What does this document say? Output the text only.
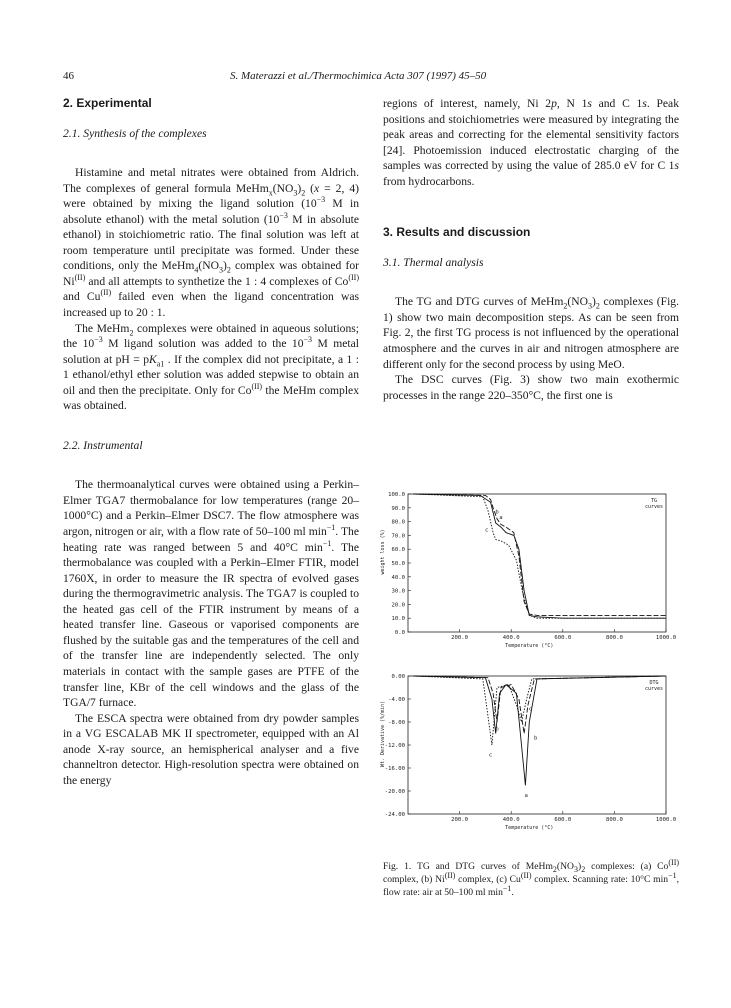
46	S. Materazzi et al./Thermochimica Acta 307 (1997) 45–50
2. Experimental
2.1. Synthesis of the complexes

Histamine and metal nitrates were obtained from Aldrich. The complexes of general formula $MeHm_x(NO_3)_2$ (x = 2, 4) were obtained by mixing the ligand solution ($10^{-3}$ M in absolute ethanol) with the metal solution ($10^{-3}$ M in absolute ethanol) in stoichiometric ratio. The final solution was left at room temperature until precipitate was formed. Under these conditions, only the $MeHm_4(NO_3)_2$ complex was obtained for $Ni^{(II)}$ and all attempts to synthetize the 1 : 4 complexes of $Co^{(II)}$ and $Cu^{(II)}$ failed even when the ligand concentration was increased up to 20 : 1.

The MeHm$_2$ complexes were obtained in aqueous solutions; the $10^{-3}$ M ligand solution was added to the $10^{-3}$ M metal solution at pH = $pK_{a1}$ . If the complex did not precipitate, a 1 : 1 ethanol/ethyl ether solution was added stepwise to obtain an oil and then the precipitate. Only for $Co^{(II)}$ the MeHm complex was obtained.

2.2. Instrumental

The thermoanalytical curves were obtained using a Perkin–Elmer TGA7 thermobalance for low temperatures (range 20–1000°C) and a Perkin–Elmer DSC7. The flow atmosphere was argon, nitrogen or air, with a flow rate of 50–100 ml $\min^{-1}$. The heating rate was ranged between 5 and 40°C $\min^{-1}$. The thermobalance was coupled with a Perkin–Elmer FTIR, model 1760X, in order to measure the IR spectra of evolved gases during the thermogravimetric analysis. The TGA7 is coupled to the heated gas cell of the FTIR instrument by means of a heated transfer line. Gaseous or vaporised components are flushed by the suitable gas and the temperatures of the cell and of the transfer line are independently selected. The only materials in contact with the sample gases are PTFE of the transfer line, KBr of the cell windows and the glass of the TGA/7 furnace.

The ESCA spectra were obtained from dry powder samples in a VG ESCALAB MK II spectrometer, equipped with an Al anode X-ray source, an hemispherical analyser and a five channeltron detector. High-resolution spectra were obtained on the energy

regions of interest, namely, Ni 2p, N 1s and C 1s. Peak positions and stoichiometries were measured by integrating the peak areas and correcting for the elemental sensitivity factors [24]. Photoemission induced electrostatic charging of the samples was corrected by using the value of 285.0 eV for C 1s from hydrocarbons.

3. Results and discussion
3.1. Thermal analysis

The TG and DTG curves of $MeHm_2(NO_3)_2$ complexes (Fig. 1) show two main decomposition steps. As can be seen from Fig. 2, the first TG process is not influenced by the operational atmosphere and the curves in air and nitrogen atmosphere are different only for the second process by using MeO.

The DSC curves (Fig. 3) show two main exothermic processes in the range 220–350°C, the first one is

100.0
90.0
80.0
70.0
60.0
50.0
40.0
30.0
20.0
10.0
0.0
200.0	400.0	600.0	800.0	1000.0
Temperature (°C)
weight loss (%)
TG
curves
0.00
-4.00
-8.00
-12.00
-16.00
-20.00
-24.00
200.0	400.0	600.0	800.0	1000.0
Temperature (°C)
Wt. Derivative (%/min)
DTG
curves
a
b
c
a
b
c
c
b
Fig. 1. TG and DTG curves of $MeHm_2(NO_3)_2$ complexes: (a) $Co^{(II)}$ complex, (b) $Ni^{(II)}$ complex, (c) $Cu^{(II)}$ complex. Scanning rate: 10°C $\min^{-1}$, flow rate: air at 50–100 ml $\min^{-1}$.
